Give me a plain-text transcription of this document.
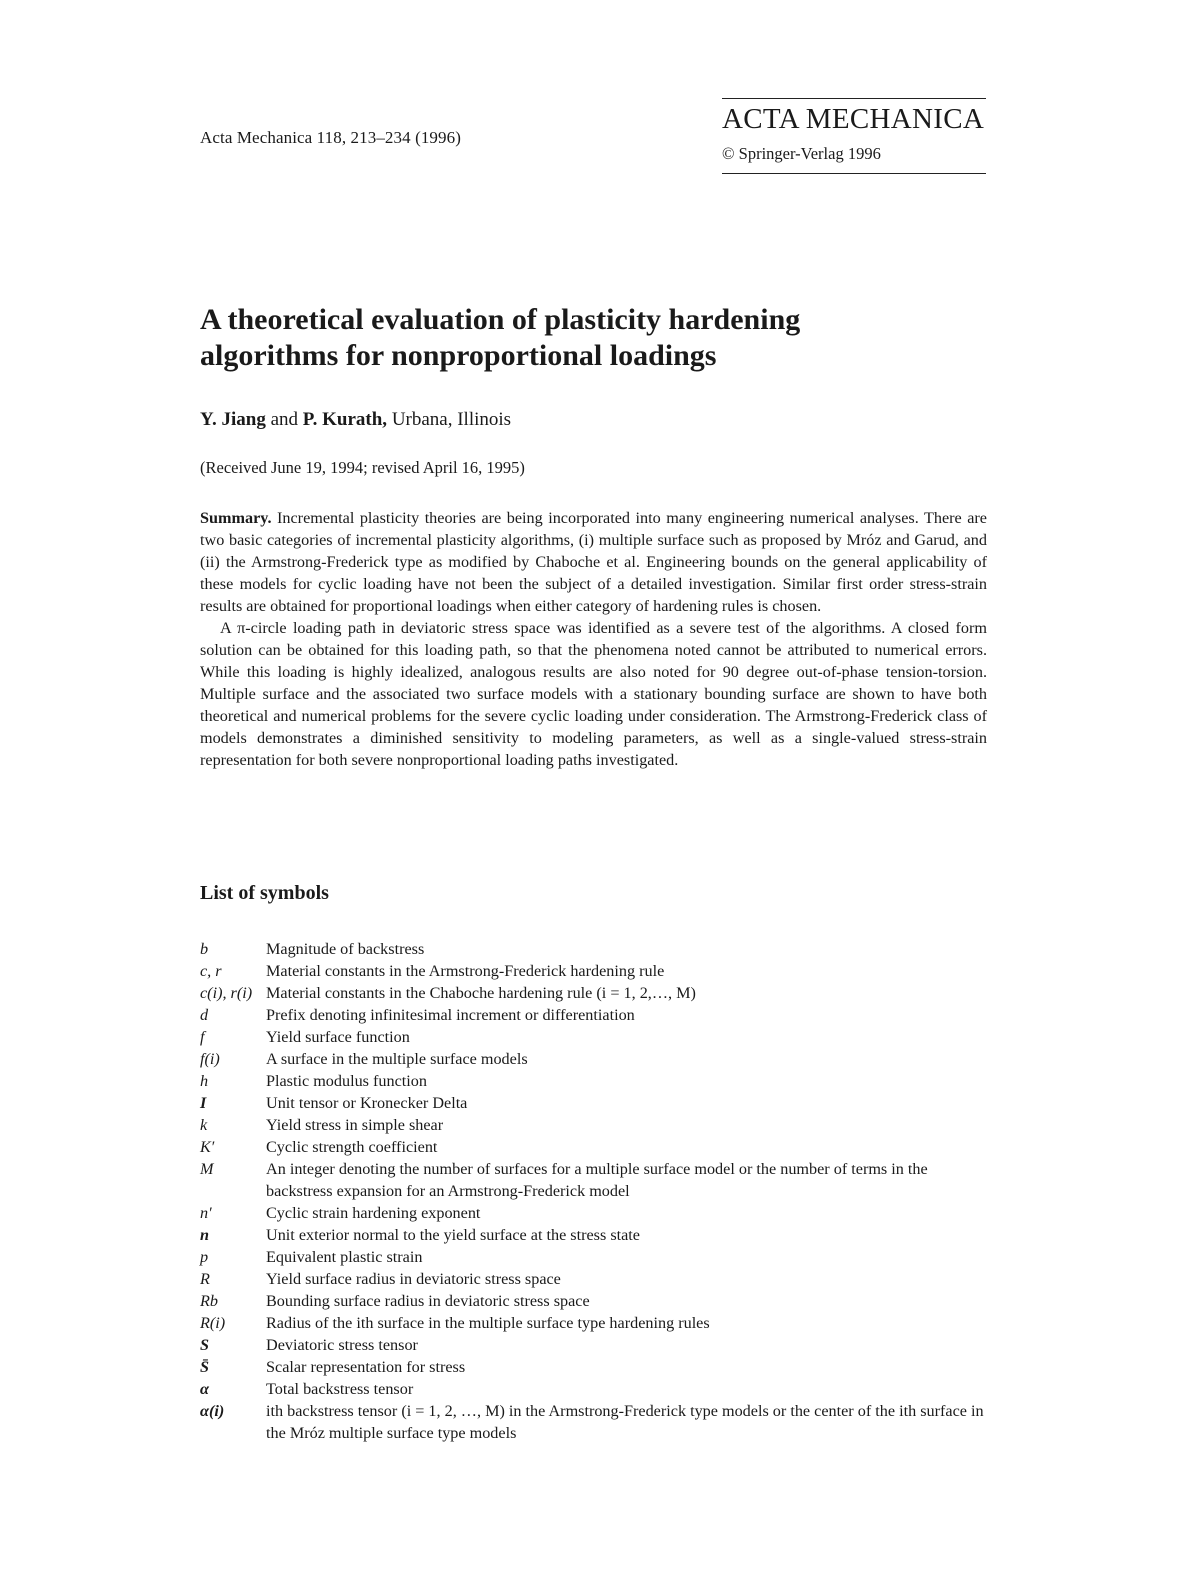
Acta Mechanica 118, 213–234 (1996)
ACTA MECHANICA
© Springer-Verlag 1996
A theoretical evaluation of plasticity hardening
algorithms for nonproportional loadings
Y. Jiang and P. Kurath, Urbana, Illinois
(Received June 19, 1994; revised April 16, 1995)

Summary. Incremental plasticity theories are being incorporated into many engineering numerical analyses. There are two basic categories of incremental plasticity algorithms, (i) multiple surface such as proposed by Mróz and Garud, and (ii) the Armstrong-Frederick type as modified by Chaboche et al. Engineering bounds on the general applicability of these models for cyclic loading have not been the subject of a detailed investigation. Similar first order stress-strain results are obtained for proportional loadings when either category of hardening rules is chosen.

A π-circle loading path in deviatoric stress space was identified as a severe test of the algorithms. A closed form solution can be obtained for this loading path, so that the phenomena noted cannot be attributed to numerical errors. While this loading is highly idealized, analogous results are also noted for 90 degree out-of-phase tension-torsion. Multiple surface and the associated two surface models with a stationary bounding surface are shown to have both theoretical and numerical problems for the severe cyclic loading under consideration. The Armstrong-Frederick class of models demonstrates a diminished sensitivity to modeling parameters, as well as a single-valued stress-strain representation for both severe nonproportional loading paths investigated.

List of symbols
b	Magnitude of backstress
c, r	Material constants in the Armstrong-Frederick hardening rule
c(i), r(i) Material constants in the Chaboche hardening rule (i = 1, 2,…, M)
d	Prefix denoting infinitesimal increment or differentiation
f	Yield surface function
f(i)	A surface in the multiple surface models
h	Plastic modulus function
I	Unit tensor or Kronecker Delta
k	Yield stress in simple shear
K′	Cyclic strength coefficient
M	An integer denoting the number of surfaces for a multiple surface model or the number of terms in the backstress expansion for an Armstrong-Frederick model
n′	Cyclic strain hardening exponent
n	Unit exterior normal to the yield surface at the stress state
p	Equivalent plastic strain
R	Yield surface radius in deviatoric stress space
Rb	Bounding surface radius in deviatoric stress space
R(i)	Radius of the ith surface in the multiple surface type hardening rules
S	Deviatoric stress tensor
S̄	Scalar representation for stress
α	Total backstress tensor
α(i)	ith backstress tensor (i = 1, 2, …, M) in the Armstrong-Frederick type models or the center of the ith surface in the Mróz multiple surface type models
